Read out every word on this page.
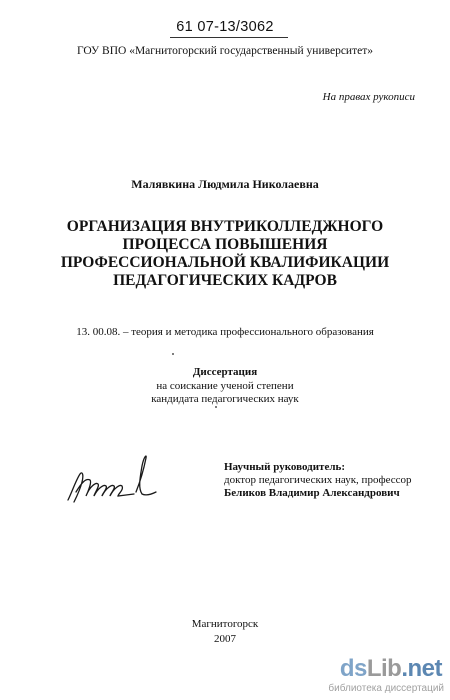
61 07-13/3062
ГОУ ВПО «Магнитогорский государственный университет»
На правах рукописи
Малявкина Людмила Николаевна
ОРГАНИЗАЦИЯ ВНУТРИКОЛЛЕДЖНОГО
ПРОЦЕССА ПОВЫШЕНИЯ
ПРОФЕССИОНАЛЬНОЙ КВАЛИФИКАЦИИ
ПЕДАГОГИЧЕСКИХ КАДРОВ
13. 00.08. – теория и методика профессионального образования
Диссертация
на соискание ученой степени
кандидата педагогических наук
Научный руководитель:
доктор педагогических наук, профессор
Беликов Владимир Александрович
Магнитогорск
2007
dsLib.net
библиотека диссертаций
